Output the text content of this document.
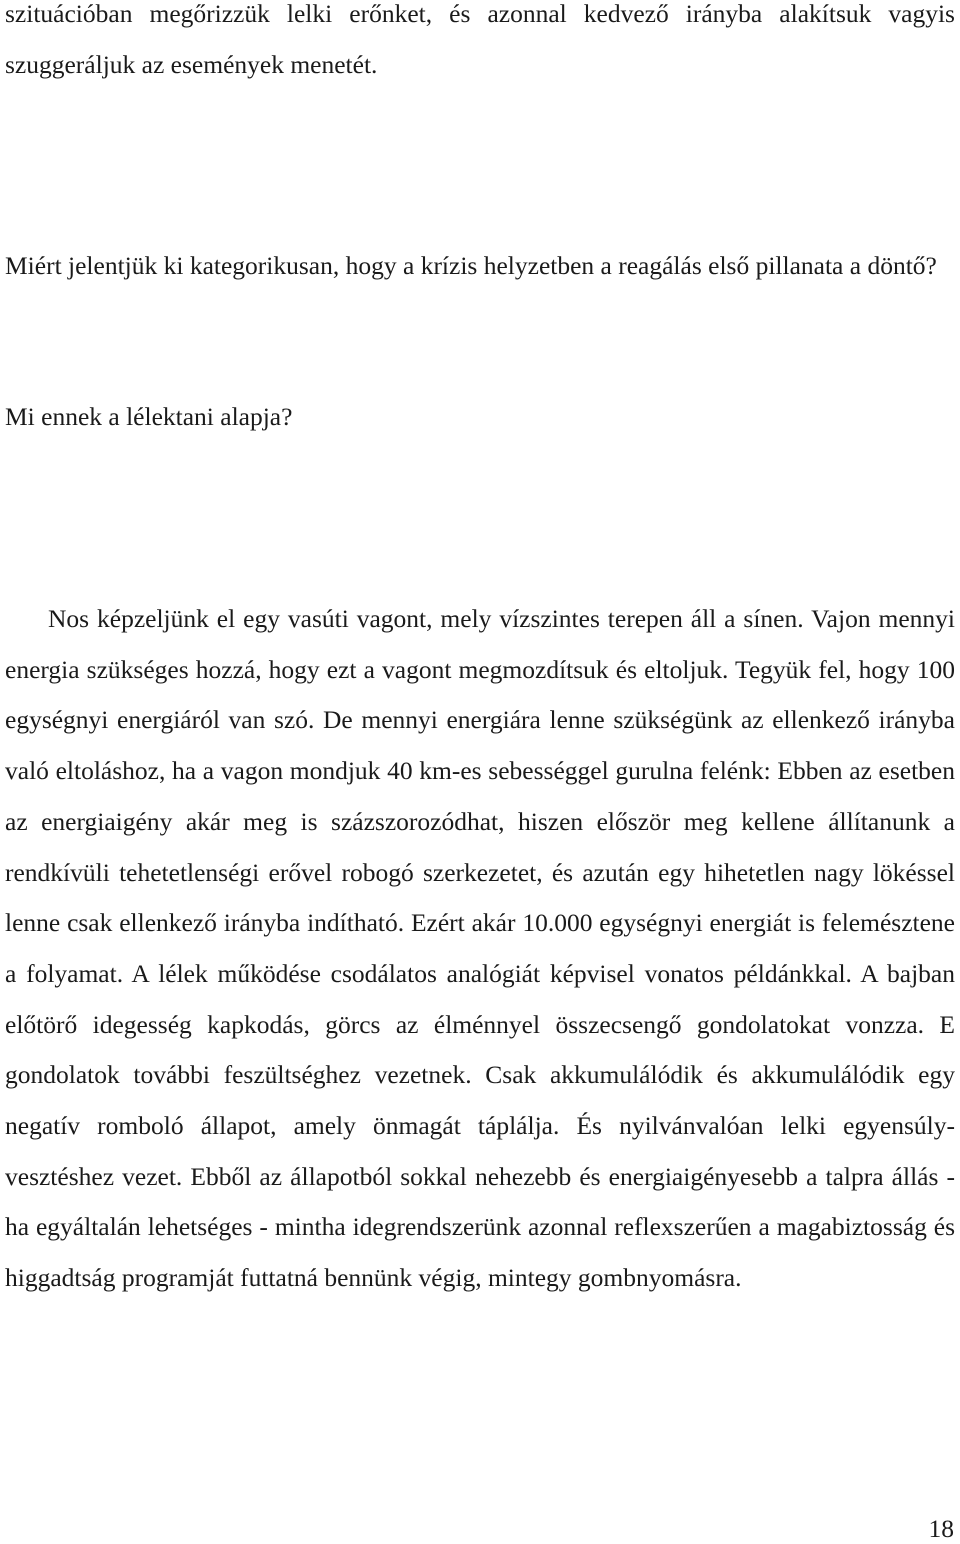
szituációban megőrizzük lelki erőnket, és azonnal kedvező irányba alakítsuk vagyis szuggeráljuk az események menetét.

Miért jelentjük ki kategorikusan, hogy a krízis helyzetben a reagálás első pillanata a döntő?

Mi ennek a lélektani alapja?

Nos képzeljünk el egy vasúti vagont, mely vízszintes terepen áll a sínen. Vajon mennyi energia szükséges hozzá, hogy ezt a vagont megmozdítsuk és eltoljuk. Tegyük fel, hogy 100 egységnyi energiáról van szó. De mennyi energiára lenne szükségünk az ellenkező irányba való eltoláshoz, ha a vagon mondjuk 40 km-es sebességgel gurulna felénk: Ebben az esetben az energiaigény akár meg is százszorozódhat, hiszen először meg kellene állítanunk a rendkívüli tehetetlenségi erővel robogó szerkezetet, és azután egy hihetetlen nagy lökéssel lenne csak ellenkező irányba indítható. Ezért akár 10.000 egységnyi energiát is felemésztene a folyamat. A lélek működése csodálatos analógiát képvisel vonatos példánkkal. A bajban előtörő idegesség kapkodás, görcs az élménnyel összecsengő gondolatokat vonzza. E gondolatok további feszültséghez vezetnek. Csak akkumulálódik és akkumulálódik egy negatív romboló állapot, amely önmagát táplálja. És nyilvánvalóan lelki egyensúly-vesztéshez vezet. Ebből az állapotból sokkal nehezebb és energiaigényesebb a talpra állás - ha egyáltalán lehetséges - mintha idegrendszerünk azonnal reflexszerűen a magabiztosság és higgadtság programját futtatná bennünk végig, mintegy gombnyomásra.

18
